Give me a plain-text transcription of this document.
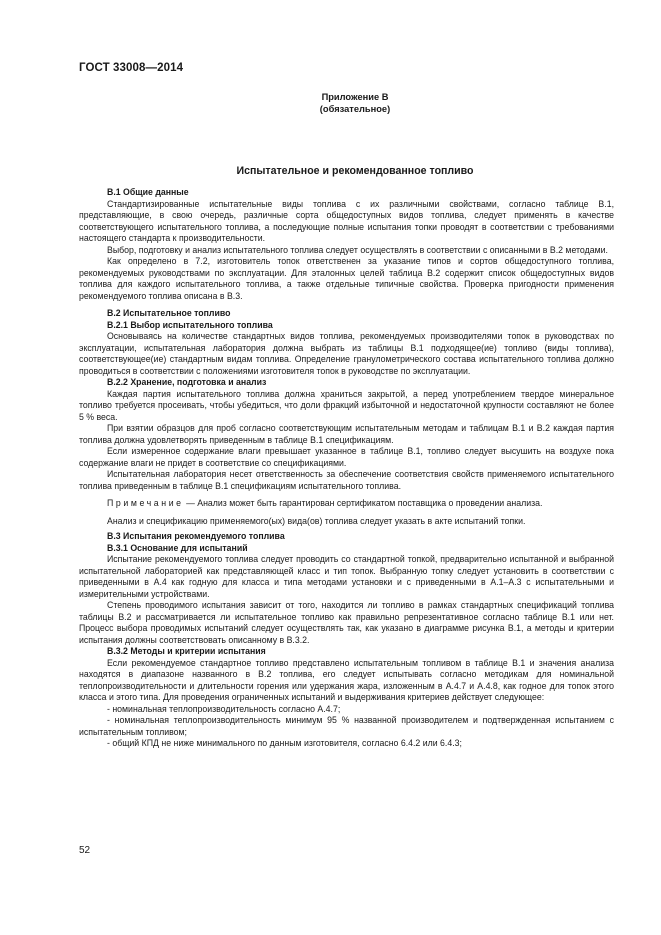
ГОСТ 33008—2014
Приложение В
(обязательное)
Испытательное и рекомендованное топливо

В.1 Общие данные

Стандартизированные испытательные виды топлива с их различными свойствами, согласно таблице В.1, представляющие, в свою очередь, различные сорта общедоступных видов топлива, следует применять в качестве соответствующего испытательного топлива, а последующие полные испытания топки проводят в соответствии с требованиями настоящего стандарта к производительности.

Выбор, подготовку и анализ испытательного топлива следует осуществлять в соответствии с описанными в В.2 методами.

Как определено в 7.2, изготовитель топок ответственен за указание типов и сортов общедоступного топлива, рекомендуемых руководствами по эксплуатации. Для эталонных целей таблица В.2 содержит список общедоступных видов топлива для каждого испытательного топлива, а также отдельные типичные свойства. Проверка пригодности применения рекомендуемого топлива описана в В.3.

В.2 Испытательное топливо

В.2.1 Выбор испытательного топлива

Основываясь на количестве стандартных видов топлива, рекомендуемых производителями топок в руководствах по эксплуатации, испытательная лаборатория должна выбрать из таблицы В.1 подходящее(ие) топливо (виды топлива), соответствующее(ие) стандартным видам топлива. Определение гранулометрического состава испытательного топлива должно проводиться в соответствии с положениями изготовителя топок в руководстве по эксплуатации.

В.2.2 Хранение, подготовка и анализ

Каждая партия испытательного топлива должна храниться закрытой, а перед употреблением твердое минеральное топливо требуется просеивать, чтобы убедиться, что доли фракций избыточной и недостаточной крупности составляют не более 5 % веса.

При взятии образцов для проб согласно соответствующим испытательным методам и таблицам В.1 и В.2 каждая партия топлива должна удовлетворять приведенным в таблице В.1 спецификациям.

Если измеренное содержание влаги превышает указанное в таблице В.1, топливо следует высушить на воздухе пока содержание влаги не придет в соответствие со спецификациями.

Испытательная лаборатория несет ответственность за обеспечение соответствия свойств применяемого испытательного топлива приведенным в таблице В.1 спецификациям испытательного топлива.

Примечание — Анализ может быть гарантирован сертификатом поставщика о проведении анализа.

Анализ и спецификацию применяемого(ых) вида(ов) топлива следует указать в акте испытаний топки.

В.3 Испытания рекомендуемого топлива

В.3.1 Основание для испытаний

Испытание рекомендуемого топлива следует проводить со стандартной топкой, предварительно испытанной и выбранной испытательной лабораторией как представляющей класс и тип топок. Выбранную топку следует установить в соответствии с приведенными в А.4 как годную для класса и типа методами установки и с приведенными в А.1–А.3 с испытательными и измерительными устройствами.

Степень проводимого испытания зависит от того, находится ли топливо в рамках стандартных спецификаций топлива таблицы В.2 и рассматривается ли испытательное топливо как правильно репрезентативное согласно таблице В.1 или нет. Процесс выбора проводимых испытаний следует осуществлять так, как указано в диаграмме рисунка В.1, а методы и критерии испытания должны соответствовать описанному в В.3.2.

В.3.2 Методы и критерии испытания

Если рекомендуемое стандартное топливо представлено испытательным топливом в таблице В.1 и значения анализа находятся в диапазоне названного в В.2 топлива, его следует испытывать согласно методикам для номинальной теплопроизводительности и длительности горения или удержания жара, изложенным в А.4.7 и А.4.8, как годное для топок этого класса и этого типа. Для проведения ограниченных испытаний и выдерживания критериев действует следующее:

- номинальная теплопроизводительность согласно А.4.7;

- номинальная теплопроизводительность минимум 95 % названной производителем и подтвержденная испытанием с испытательным топливом;

- общий КПД не ниже минимального по данным изготовителя, согласно 6.4.2 или 6.4.3;

52
